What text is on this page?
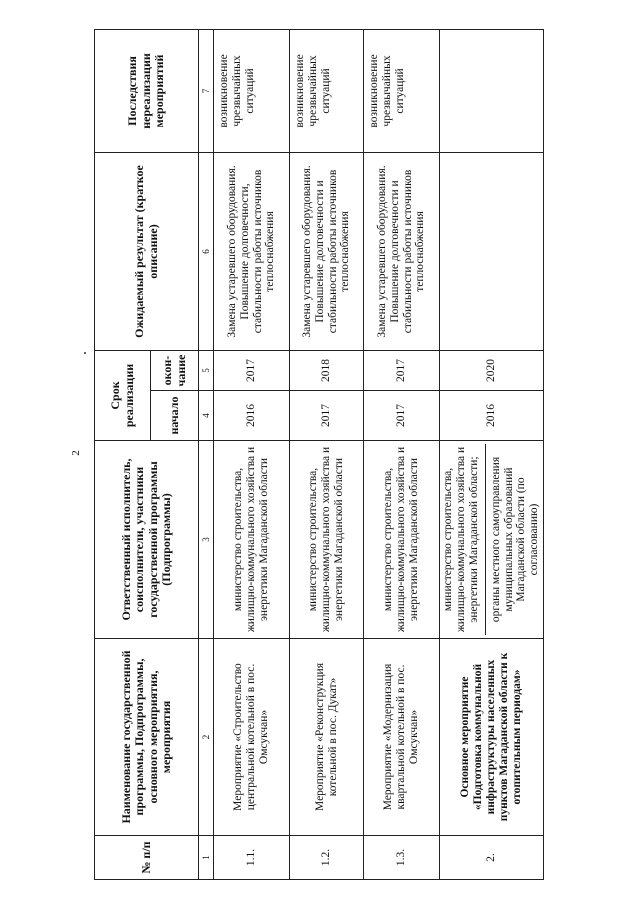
2
№ п/п	Наименование государственной программы, Подпрограммы, основного мероприятия, мероприятия	Ответственный исполнитель, соисполнители, участники государственной программы (Подпрограммы)	Срок реализации		Ожидаемый результат (краткое описание)	Последствия нереализации мероприятий
			начало	окон-чание		
1	2	3	4	5	6	7
1.1.	Мероприятие «Строительство центральной котельной в пос. Омсукчан»	министерство строительства, жилищно-коммунального хозяйства и энергетики Магаданской области	2016	2017	Замена устаревшего оборудования. Повышение долговечности, стабильности работы источников теплоснабжения	возникновение чрезвычайных ситуаций
1.2.	Мероприятие «Реконструкция котельной в пос. Дукат»	министерство строительства, жилищно-коммунального хозяйства и энергетики Магаданской области	2017	2018	Замена устаревшего оборудования. Повышение долговечности и стабильности работы источников теплоснабжения	возникновение чрезвычайных ситуаций
1.3.	Мероприятие «Модернизация квартальной котельной в пос. Омсукчан»	министерство строительства, жилищно-коммунального хозяйства и энергетики Магаданской области	2017	2017	Замена устаревшего оборудования. Повышение долговечности и стабильности работы источников теплоснабжения	возникновение чрезвычайных ситуаций
2.	Основное мероприятие «Подготовка коммунальной инфраструктуры населенных пунктов Магаданской области к отопительным периодам»	министерство строительства, жилищно-коммунального хозяйства и энергетики Магаданской области; органы местного самоуправления муниципальных образований Магаданской области (по согласованию)	2016	2020		
